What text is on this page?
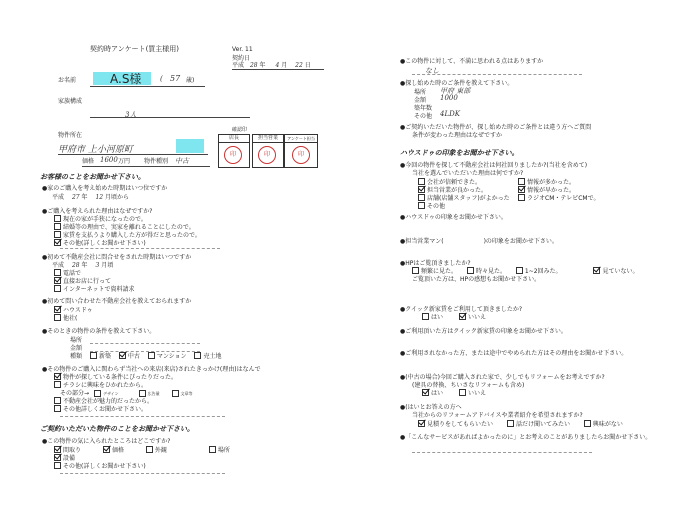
契約時アンケート(買主様用)
お名前	A.S様	( 57 歳)
家族構成
3人
物件所在
甲府市 上小河原町
価格 1600 万円 物件種別 中古
確認印
店長	担当営業	アンケート担当
印	印	印
お客様のことをお聞かせ下さい。
●家のご購入を考え始めた時期はいつ位ですか
平成 27 年 12 月頃から
●ご購入を考えられた理由はなぜですか?
現在の家が手狭になったので。
結婚等の理由で、実家を離れることにしたので。
家賃を支払うより購入した方が得だと思ったので。
その他(詳しくお聞かせ下さい)
●初めて不動産会社に問合せをされた時期はいつですか
平成 28 年 3 月頃
電話で
直接お店に行って
インターネットで資料請求
●初めて問い合わせた不動産会社を教えておられますか
ハウスドゥ
他社(
●そのときの物件の条件を教えて下さい。
場所
金額
種類	新築	中古	マンション	売土地
●その物件のご購入に関わらず当社への来店(来店)されたきっかけ(理由)はなんで
物件が探している条件にぴったりだった。
チラシに興味をひかれたから。
その部分→	デザイン	広告量	文章等
不動産会社が魅力的だったから。
その他詳しくお聞かせ下さい。
ご契約いただいた物件のことをお聞かせ下さい。
●この物件の気に入られたところはどこですか?
間取り	価格	外観	場所
設備
その他(詳しくお聞かせ下さい)
Ver. 11
契約日
平成 28 年 4 月 22 日
●この物件に対して、不満に思われる点はありますか
なし
●探し始めた時のご条件を教えて下さい。
場所 甲府 東部
金額 1000
築年数
その他 4LDK
●ご契約いただいた物件が、探し始めた時のご条件とは違う方へご質問
条件が変わった理由はなぜですか
ハウスドゥの印象をお聞かせ下さい。
●今回の物件を探して不動産会社は何社回りましたか?(当社を含めて)
当社を選んでいただいた理由は何ですか?
会社が信頼できた。
担当営業が良かった。
店舗(店舗スタッフ)がよかった
その他
情報が多かった。
情報が早かった。
ラジオCM・テレビCMで。
●ハウスドゥの印象をお聞かせ下さい。
●担当営業マン(	)の印象をお聞かせ下さい。
●HPはご覧頂きましたか?
頻繁に見た。	時々見た。	1~2回みた。	見ていない。
ご覧頂いた方は、HPの感想もお聞かせ下さい。
●クイック新家賃をご利用して頂きましたか?
はい	いいえ
●ご利用頂いた方はクイック新家賃の印象をお聞かせ下さい。
●ご利用されなかった方、または途中でやめられた方はその理由をお聞かせ下さい。
●(中古の場合)今回ご購入された家で、少しでもリフォームをお考えですか?
(建具の替換、ちいさなリフォームも含め)
はい	いいえ
●(はいとお答えの方へ
当社からのリフォームアドバイスや業者紹介を希望されますか?
見積りをしてもらいたい	話だけ聞いてみたい	興味がない
●「こんなサービスがあればよかったのに」とお考えのことがありましたらお聞かせ下さい。
